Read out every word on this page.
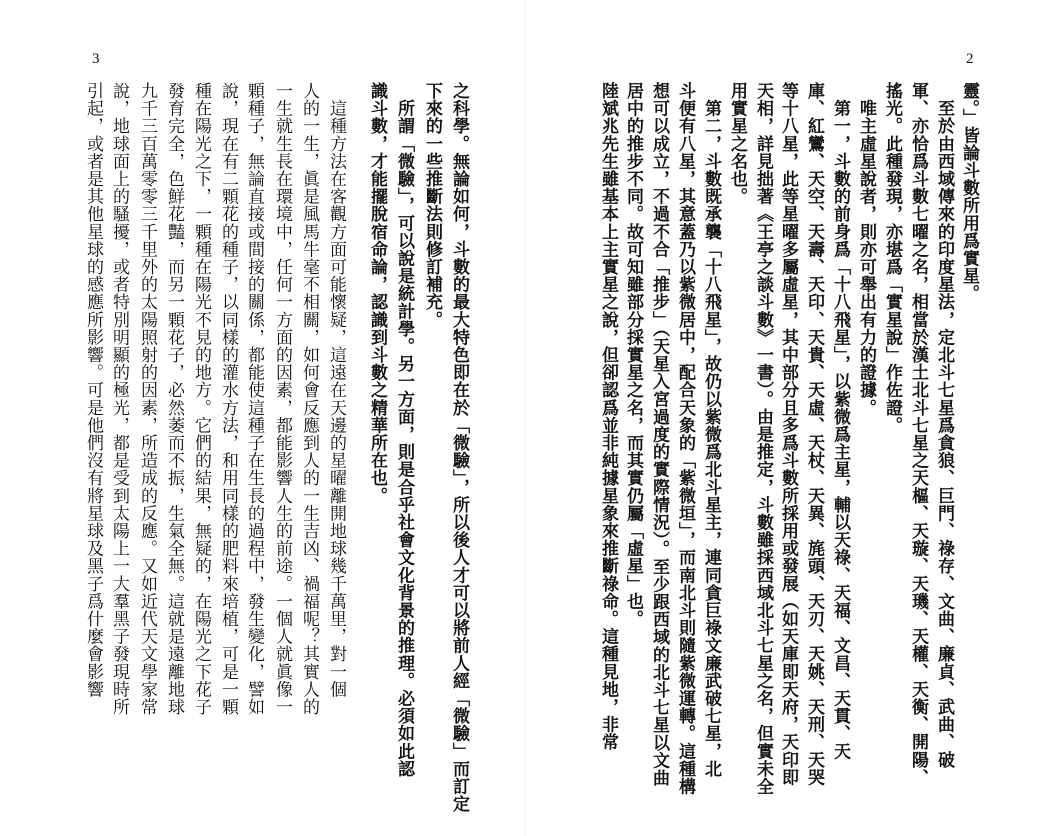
3
引起，或者是其他星球的感應所影響。可是他們沒有將星球及黑子爲什麼會影響 說，地球面上的騷擾，或者特別明顯的極光，都是受到太陽上一大羣黑子發現時所 九千三百萬零零三千里外的太陽照射的因素，所造成的反應。又如近代天文學家常 發育完全，色鮮花豔，而另一顆花子，必然萎而不振，生氣全無。這就是遠離地球 種在陽光之下，一顆種在陽光不見的地方。它們的結果，無疑的，在陽光之下花子 說，現在有二顆花的種子，以同樣的灌水方法，和用同樣的肥料來培植，可是一顆 顆種子，無論直接或間接的關係，都能使這種子在生長的過程中，發生變化，譬如 一生就生長在環境中，任何一方面的因素，都能影響人生的前途。一個人就眞像一 人的一生，眞是風馬牛毫不相關，如何會反應到人的一生吉凶、禍福呢？其實人的 　這種方法在客觀方面可能懷疑，這遠在天邊的星曜離開地球幾千萬里，對一個 識斗數，才能擺脫宿命論，認識到斗數之精華所在也。 　所謂「微驗」，可以說是統計學。另一方面，則是合乎社會文化背景的推理。必須如此認 下來的一些推斷法則修訂補充。 之科學。無論如何，斗數的最大特色即在於「微驗」，所以後人才可以將前人經「微驗」而訂定
2
陸斌兆先生雖基本上主實星之說，但卻認爲並非純據星象來推斷祿命。這種見地，非常 居中的推步不同。故可知雖部分採實星之名，而其實仍屬「虛星」也。 想可以成立，不過不合「推步」（天星入宮過度的實際情況）。至少跟西域的北斗七星以文曲 斗便有八星，其意蓋乃以紫微居中，配合天象的「紫微垣」，而南北斗則隨紫微運轉。這種構 　第二，斗數既承襲「十八飛星」，故仍以紫微爲北斗星主，連同貪巨祿文廉武破七星，北 用實星之名也。 天相，詳見拙著《王亭之談斗數》一書）。由是推定，斗數雖採西域北斗七星之名，但實未全 等十八星，此等星曜多屬虛星，其中部分且多爲斗數所採用或發展（如天庫即天府，天印即 庫、紅鸞、天空、天壽、天印、天貴、天虛、天杖、天異、旄頭、天刃、天姚、天刑、天哭 　第一，斗數的前身爲「十八飛星」，以紫微爲主星，輔以天祿、天福、文昌、天貫、天 　唯主虛星說者，則亦可舉出有力的證據。 搖光。此種發現，亦堪爲「實星說」作佐證。 軍、亦恰爲斗數七曜之名，相當於漢土北斗七星之天樞、天璇、天璣、天權、天衡、開陽、 　至於由西域傳來的印度星法，定北斗七星爲貪狼、巨門、祿存、文曲、廉貞、武曲、破 靈。」皆論斗數所用爲實星。
